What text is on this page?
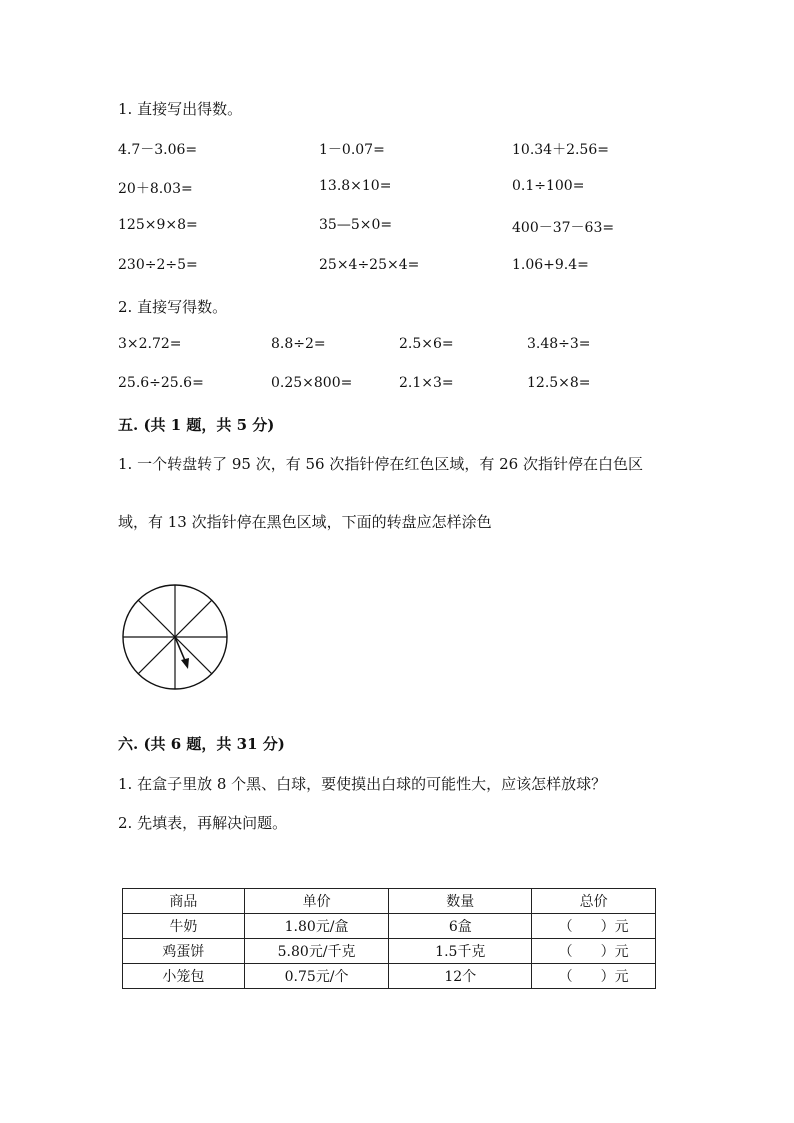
1. 直接写出得数。
4.7－3.06=	1－0.07=	10.34＋2.56=
20＋8.03=	13.8×10=	0.1÷100=
125×9×8=	35—5×0=	400－37－63=
230÷2÷5=	25×4÷25×4=	1.06+9.4=
2. 直接写得数。
3×2.72=	8.8÷2=	2.5×6=	3.48÷3=
25.6÷25.6=	0.25×800=	2.1×3=	12.5×8=
五. (共 1 题，共 5 分)
1. 一个转盘转了 95 次，有 56 次指针停在红色区域，有 26 次指针停在白色区
域，有 13 次指针停在黑色区域，下面的转盘应怎样涂色
六. (共 6 题，共 31 分)
1. 在盒子里放 8 个黑、白球，要使摸出白球的可能性大，应该怎样放球？
2. 先填表，再解决问题。
商品	单价	数量	总价
牛奶	1.80元/盒	6盒	（　　）元
鸡蛋饼	5.80元/千克	1.5千克	（　　）元
小笼包	0.75元/个	12个	（　　）元
